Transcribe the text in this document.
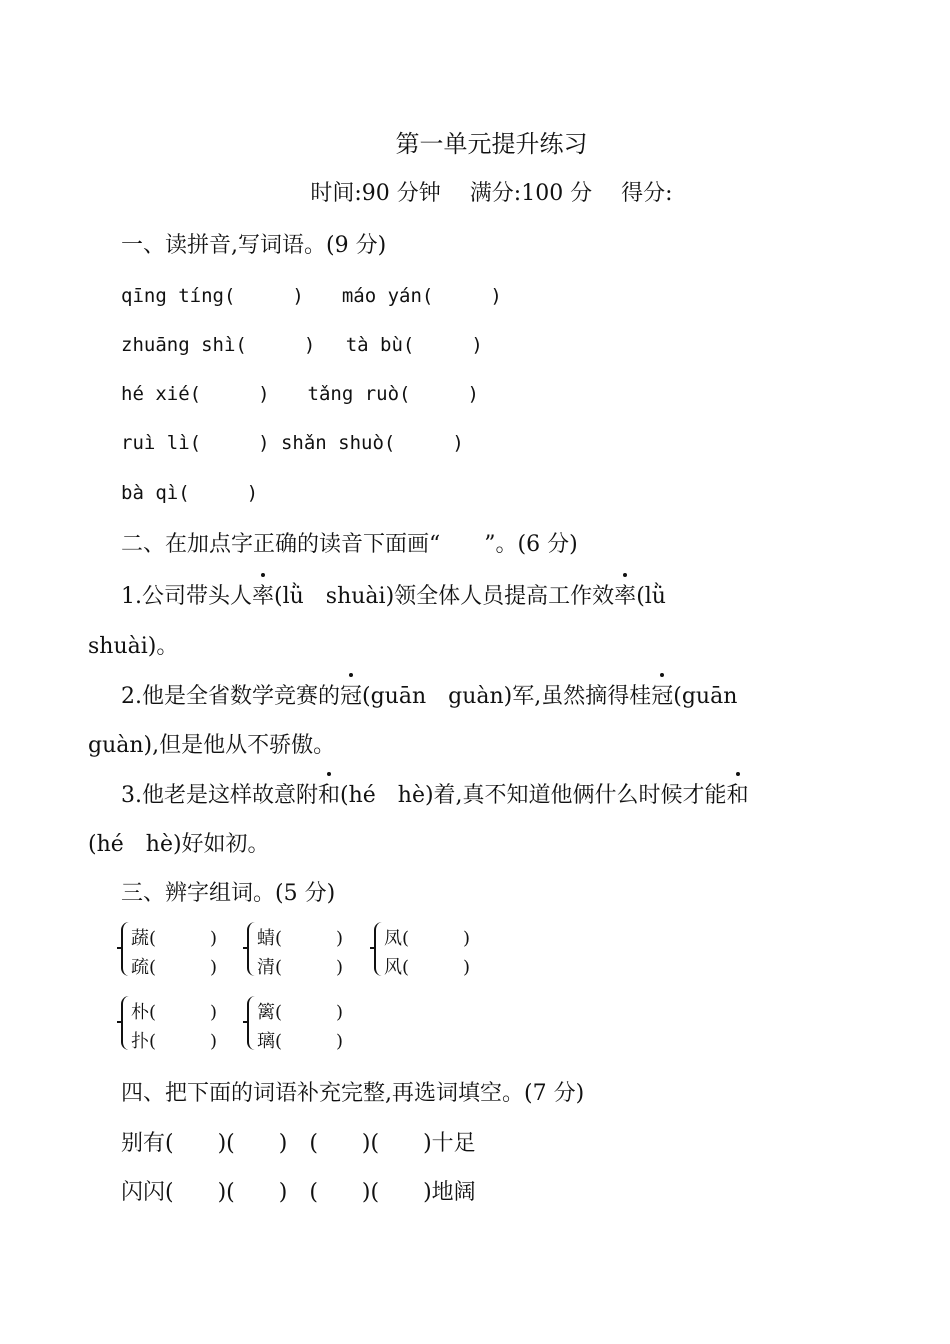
第一单元提升练习
时间:90 分钟　 满分:100 分　 得分:
一、读拼音,写词语。(9 分)
qīng tíng(　　　)　　máo yán(　　　)
zhuāng shì(　　　)　 tà bù(　　　)
hé xié(　　　)　　tǎng ruò(　　　)
ruì lì(　　　) shǎn shuò(　　　)
bà qì(　　　)
二、在加点字正确的读音下面画“　　”。(6 分)
1.公司带头人率(lǜ　shuài)领全体人员提高工作效率(lǜ
shuài)。
2.他是全省数学竞赛的冠(guān　guàn)军,虽然摘得桂冠(guān
guàn),但是他从不骄傲。
3.他老是这样故意附和(hé　hè)着,真不知道他俩什么时候才能和
(hé　hè)好如初。
三、辨字组词。(5 分)
蔬(　　　)
疏(　　　)
蜻(　　　)
清(　　　)
凤(　　　)
风(　　　)
朴(　　　)
扑(　　　)
篱(　　　)
璃(　　　)
四、把下面的词语补充完整,再选词填空。(7 分)
别有(　　)(　　)　(　　)(　　)十足
闪闪(　　)(　　)　(　　)(　　)地阔
